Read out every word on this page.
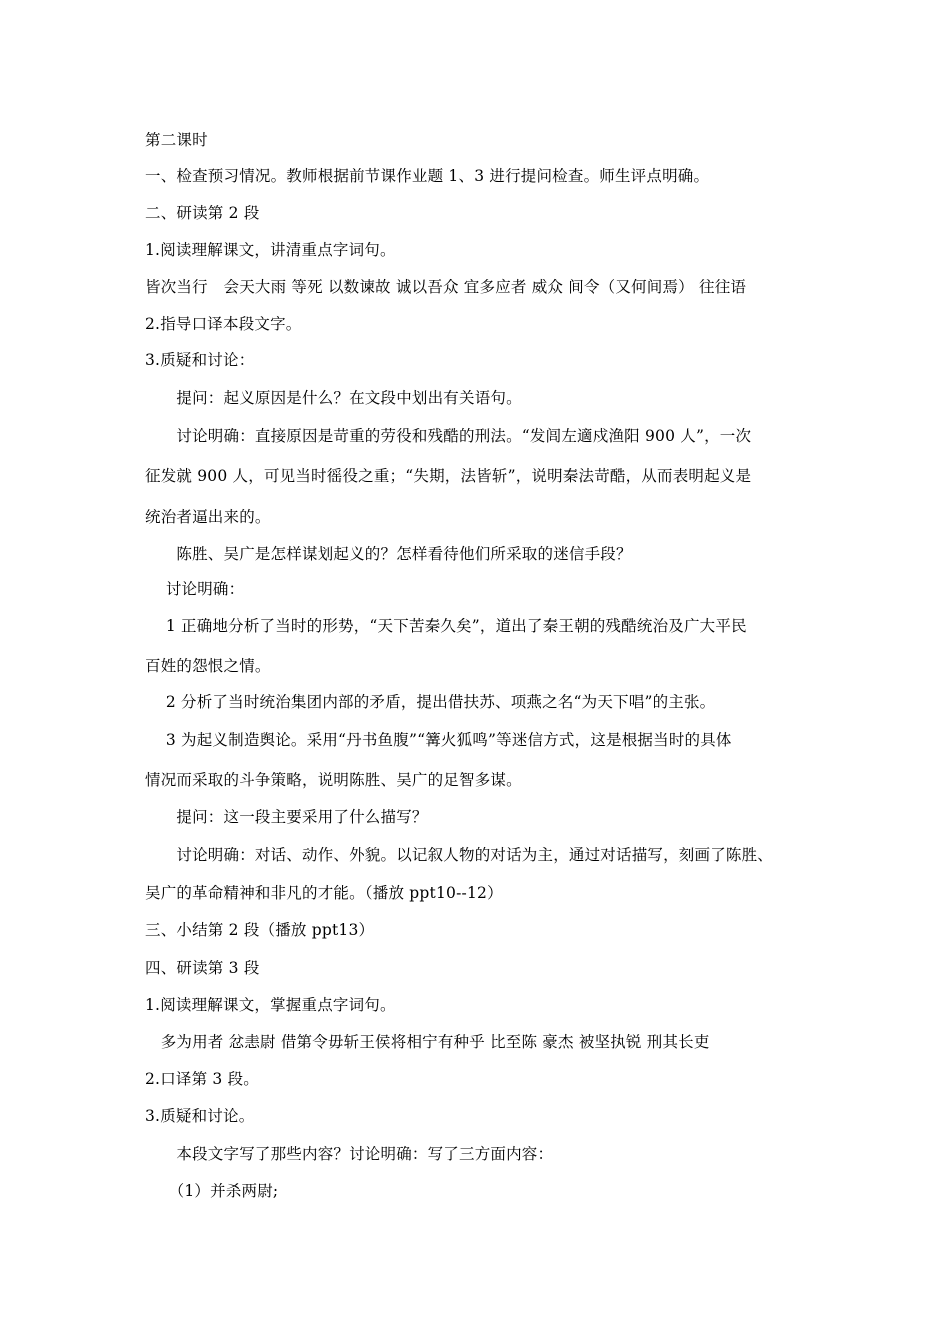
第二课时
一、检查预习情况。教师根据前节课作业题 1、3 进行提问检查。师生评点明确。
二、研读第 2 段
1.阅读理解课文，讲清重点字词句。
皆次当行　会天大雨 等死 以数谏故 诚以吾众 宜多应者 威众 间令（又何间焉） 往往语
2.指导口译本段文字。
3.质疑和讨论：
　　提问：起义原因是什么？在文段中划出有关语句。
　　讨论明确：直接原因是苛重的劳役和残酷的刑法。“发闾左適戍渔阳 900 人”，一次
征发就 900 人，可见当时徭役之重；“失期，法皆斩”，说明秦法苛酷，从而表明起义是
统治者逼出来的。
　　陈胜、吴广是怎样谋划起义的？怎样看待他们所采取的迷信手段？
　 讨论明确：
　 1 正确地分析了当时的形势，“天下苦秦久矣”，道出了秦王朝的残酷统治及广大平民
百姓的怨恨之情。
　 2 分析了当时统治集团内部的矛盾，提出借扶苏、项燕之名“为天下唱”的主张。
　 3 为起义制造舆论。采用“丹书鱼腹”“篝火狐鸣”等迷信方式，这是根据当时的具体
情况而采取的斗争策略，说明陈胜、吴广的足智多谋。
　　提问：这一段主要采用了什么描写？
　　讨论明确：对话、动作、外貌。以记叙人物的对话为主，通过对话描写，刻画了陈胜、
吴广的革命精神和非凡的才能。（播放 ppt10--12）
三、小结第 2 段（播放 ppt13）
四、研读第 3 段
1.阅读理解课文，掌握重点字词句。
　多为用者 忿恚尉 借第令毋斩王侯将相宁有种乎 比至陈 豪杰 被坚执锐 刑其长吏
2.口译第 3 段。
3.质疑和讨论。
　　本段文字写了那些内容？讨论明确：写了三方面内容：
　　（1）并杀两尉;
